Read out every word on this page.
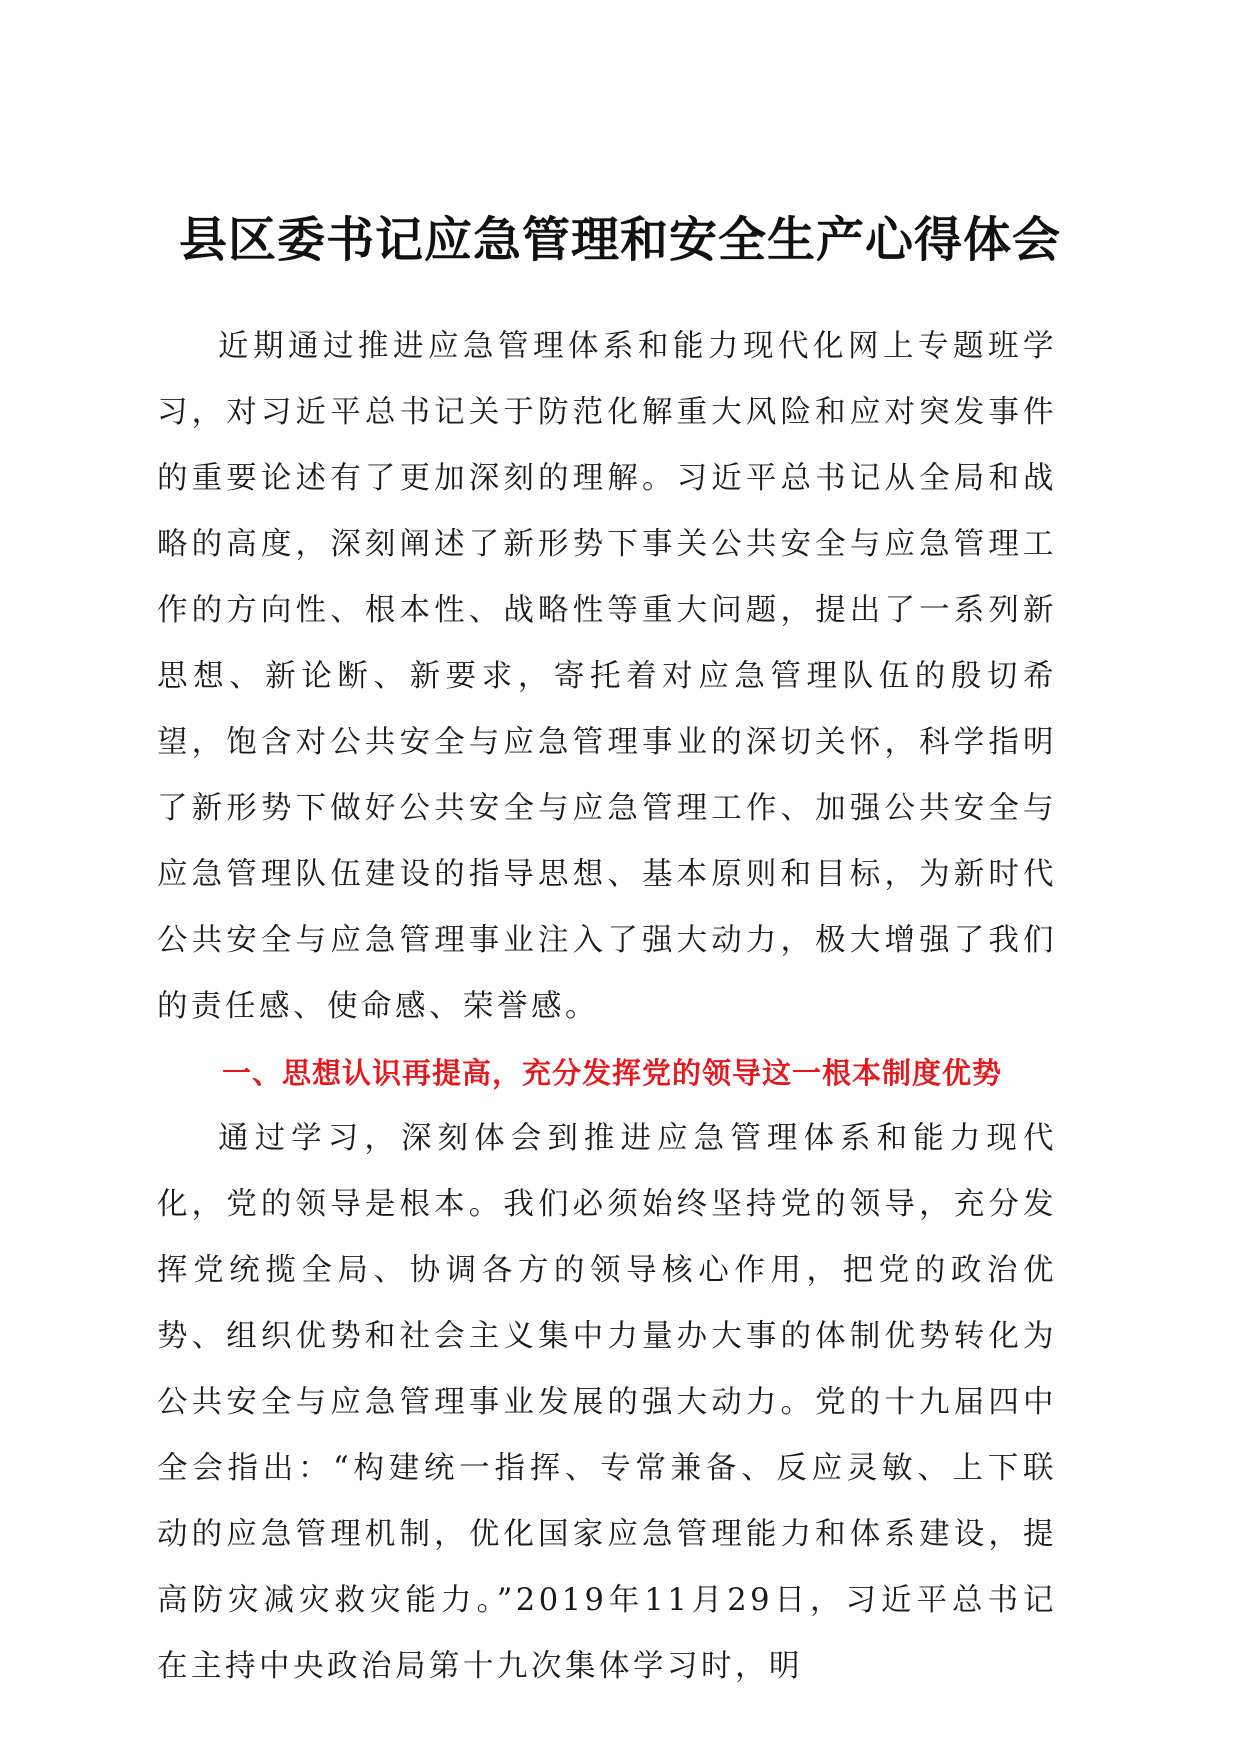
县区委书记应急管理和安全生产心得体会

近期通过推进应急管理体系和能力现代化网上专题班学习，对习近平总书记关于防范化解重大风险和应对突发事件的重要论述有了更加深刻的理解。习近平总书记从全局和战略的高度，深刻阐述了新形势下事关公共安全与应急管理工作的方向性、根本性、战略性等重大问题，提出了一系列新思想、新论断、新要求，寄托着对应急管理队伍的殷切希望，饱含对公共安全与应急管理事业的深切关怀，科学指明了新形势下做好公共安全与应急管理工作、加强公共安全与应急管理队伍建设的指导思想、基本原则和目标，为新时代公共安全与应急管理事业注入了强大动力，极大增强了我们的责任感、使命感、荣誉感。

一、思想认识再提高，充分发挥党的领导这一根本制度优势

通过学习，深刻体会到推进应急管理体系和能力现代化，党的领导是根本。我们必须始终坚持党的领导，充分发挥党统揽全局、协调各方的领导核心作用，把党的政治优势、组织优势和社会主义集中力量办大事的体制优势转化为公共安全与应急管理事业发展的强大动力。党的十九届四中全会指出：“构建统一指挥、专常兼备、反应灵敏、上下联动的应急管理机制，优化国家应急管理能力和体系建设，提高防灾减灾救灾能力。”2019年11月29日，习近平总书记在主持中央政治局第十九次集体学习时，明
